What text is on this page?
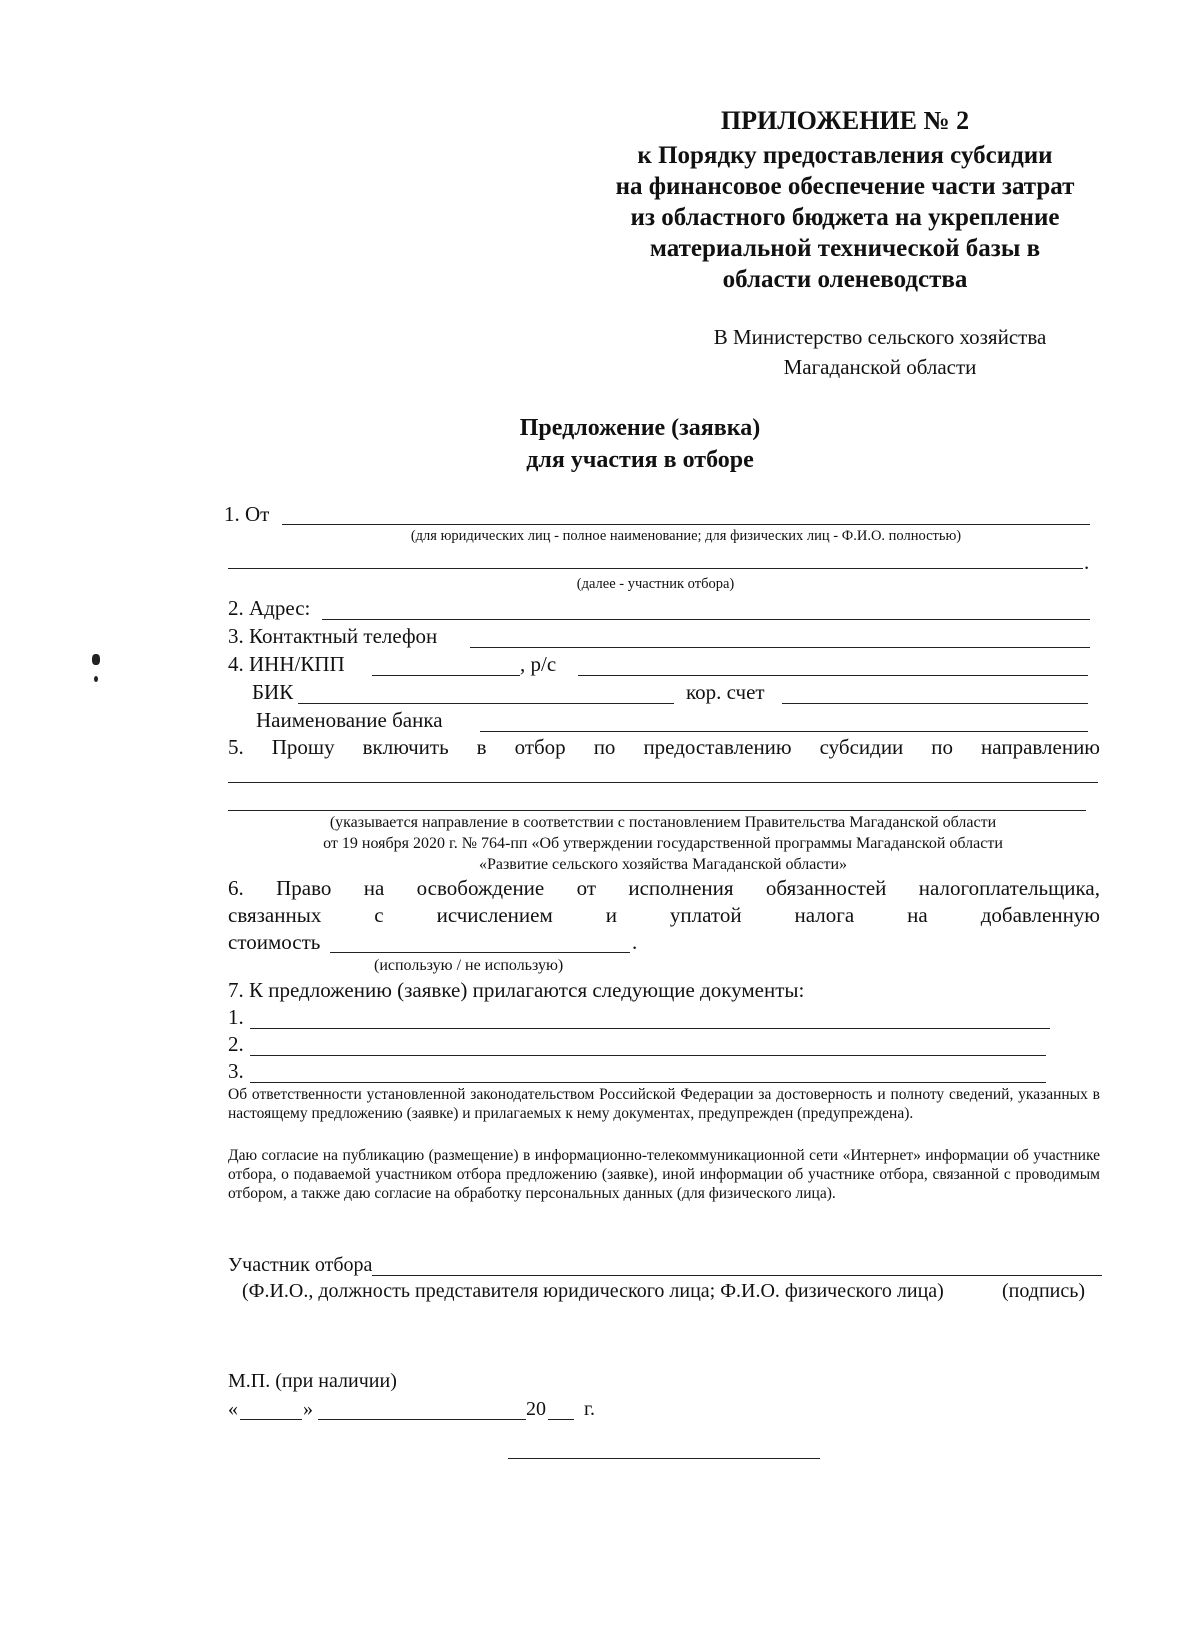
ПРИЛОЖЕНИЕ № 2
к Порядку предоставления субсидии
на финансовое обеспечение части затрат
из областного бюджета на укрепление
материальной технической базы в
области оленеводства
В Министерство сельского хозяйства
Магаданской области
Предложение (заявка)
для участия в отборе
1. От
(для юридических лиц - полное наименование; для физических лиц - Ф.И.О. полностью)
.
(далее - участник отбора)
2. Адрес:
3. Контактный телефон
4. ИНН/КПП	, р/с
БИК	кор. счет
Наименование банка
5. Прошу включить в отбор по предоставлению субсидии по направлению
(указывается направление в соответствии с постановлением Правительства Магаданской области
от 19 ноября 2020 г. № 764-пп «Об утверждении государственной программы Магаданской области
«Развитие сельского хозяйства Магаданской области»
6. Право на освобождение от исполнения обязанностей налогоплательщика,
связанных с исчислением и уплатой налога на добавленную
стоимость	.
(использую / не использую)
7. К предложению (заявке) прилагаются следующие документы:
1.
2.
3.
Об ответственности установленной законодательством Российской Федерации за достоверность и полноту сведений, указанных в настоящему предложению (заявке) и прилагаемых к нему документах, предупрежден (предупреждена).
Даю согласие на публикацию (размещение) в информационно-телекоммуникационной сети «Интернет» информации об участнике отбора, о подаваемой участником отбора предложению (заявке), иной информации об участнике отбора, связанной с проводимым отбором, а также даю согласие на обработку персональных данных (для физического лица).
Участник отбора
(Ф.И.О., должность представителя юридического лица; Ф.И.О. физического лица)	(подпись)
М.П. (при наличии)
«	»	20 г.
